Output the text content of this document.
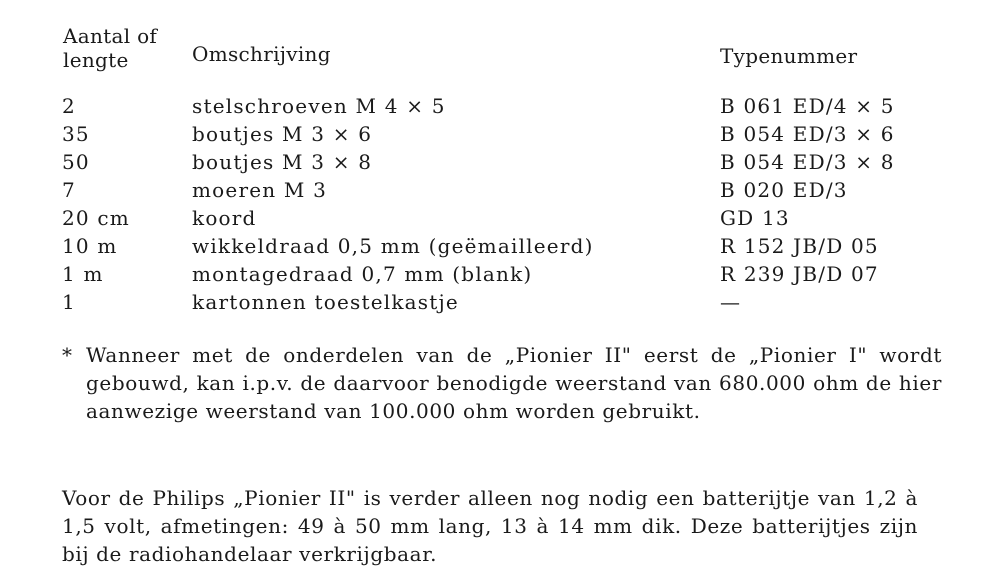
Aantal of lengte	Omschrijving	Typenummer
2	stelschroeven M 4 × 5	B 061 ED/4 × 5
35	boutjes M 3 × 6	B 054 ED/3 × 6
50	boutjes M 3 × 8	B 054 ED/3 × 8
7	moeren M 3	B 020 ED/3
20 cm	koord	GD 13
10 m	wikkeldraad 0,5 mm (geëmailleerd)	R 152 JB/D 05
1 m	montagedraad 0,7 mm (blank)	R 239 JB/D 07
1	kartonnen toestelkastje	—
* Wanneer met de onderdelen van de „Pionier II" eerst de „Pionier I" wordt gebouwd, kan i.p.v. de daarvoor benodigde weerstand van 680.000 ohm de hier aanwezige weerstand van 100.000 ohm worden gebruikt.
Voor de Philips „Pionier II" is verder alleen nog nodig een batterijtje van 1,2 à 1,5 volt, afmetingen: 49 à 50 mm lang, 13 à 14 mm dik. Deze batterijtjes zijn bij de radiohandelaar verkrijgbaar.
